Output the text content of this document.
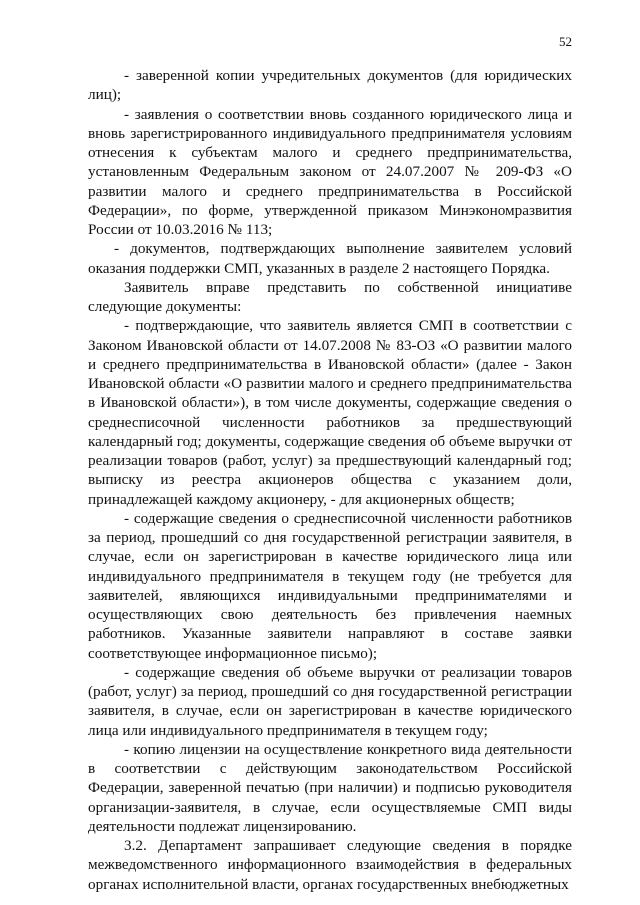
52

- заверенной копии учредительных документов (для юридических лиц);

- заявления о соответствии вновь созданного юридического лица и вновь зарегистрированного индивидуального предпринимателя условиям отнесения к субъектам малого и среднего предпринимательства, установленным Федеральным законом от 24.07.2007 № 209-ФЗ «О развитии малого и среднего предпринимательства в Российской Федерации», по форме, утвержденной приказом Минэкономразвития России от 10.03.2016 № 113;

- документов, подтверждающих выполнение заявителем условий оказания поддержки СМП, указанных в разделе 2 настоящего Порядка.

Заявитель вправе представить по собственной инициативе следующие документы:

- подтверждающие, что заявитель является СМП в соответствии с Законом Ивановской области от 14.07.2008 № 83-ОЗ «О развитии малого и среднего предпринимательства в Ивановской области» (далее - Закон Ивановской области «О развитии малого и среднего предпринимательства в Ивановской области»), в том числе документы, содержащие сведения о среднесписочной численности работников за предшествующий календарный год; документы, содержащие сведения об объеме выручки от реализации товаров (работ, услуг) за предшествующий календарный год; выписку из реестра акционеров общества с указанием доли, принадлежащей каждому акционеру, - для акционерных обществ;

- содержащие сведения о среднесписочной численности работников за период, прошедший со дня государственной регистрации заявителя, в случае, если он зарегистрирован в качестве юридического лица или индивидуального предпринимателя в текущем году (не требуется для заявителей, являющихся индивидуальными предпринимателями и осуществляющих свою деятельность без привлечения наемных работников. Указанные заявители направляют в составе заявки соответствующее информационное письмо);

- содержащие сведения об объеме выручки от реализации товаров (работ, услуг) за период, прошедший со дня государственной регистрации заявителя, в случае, если он зарегистрирован в качестве юридического лица или индивидуального предпринимателя в текущем году;

- копию лицензии на осуществление конкретного вида деятельности в соответствии с действующим законодательством Российской Федерации, заверенной печатью (при наличии) и подписью руководителя организации-заявителя, в случае, если осуществляемые СМП виды деятельности подлежат лицензированию.

3.2. Департамент запрашивает следующие сведения в порядке межведомственного информационного взаимодействия в федеральных органах исполнительной власти, органах государственных внебюджетных
